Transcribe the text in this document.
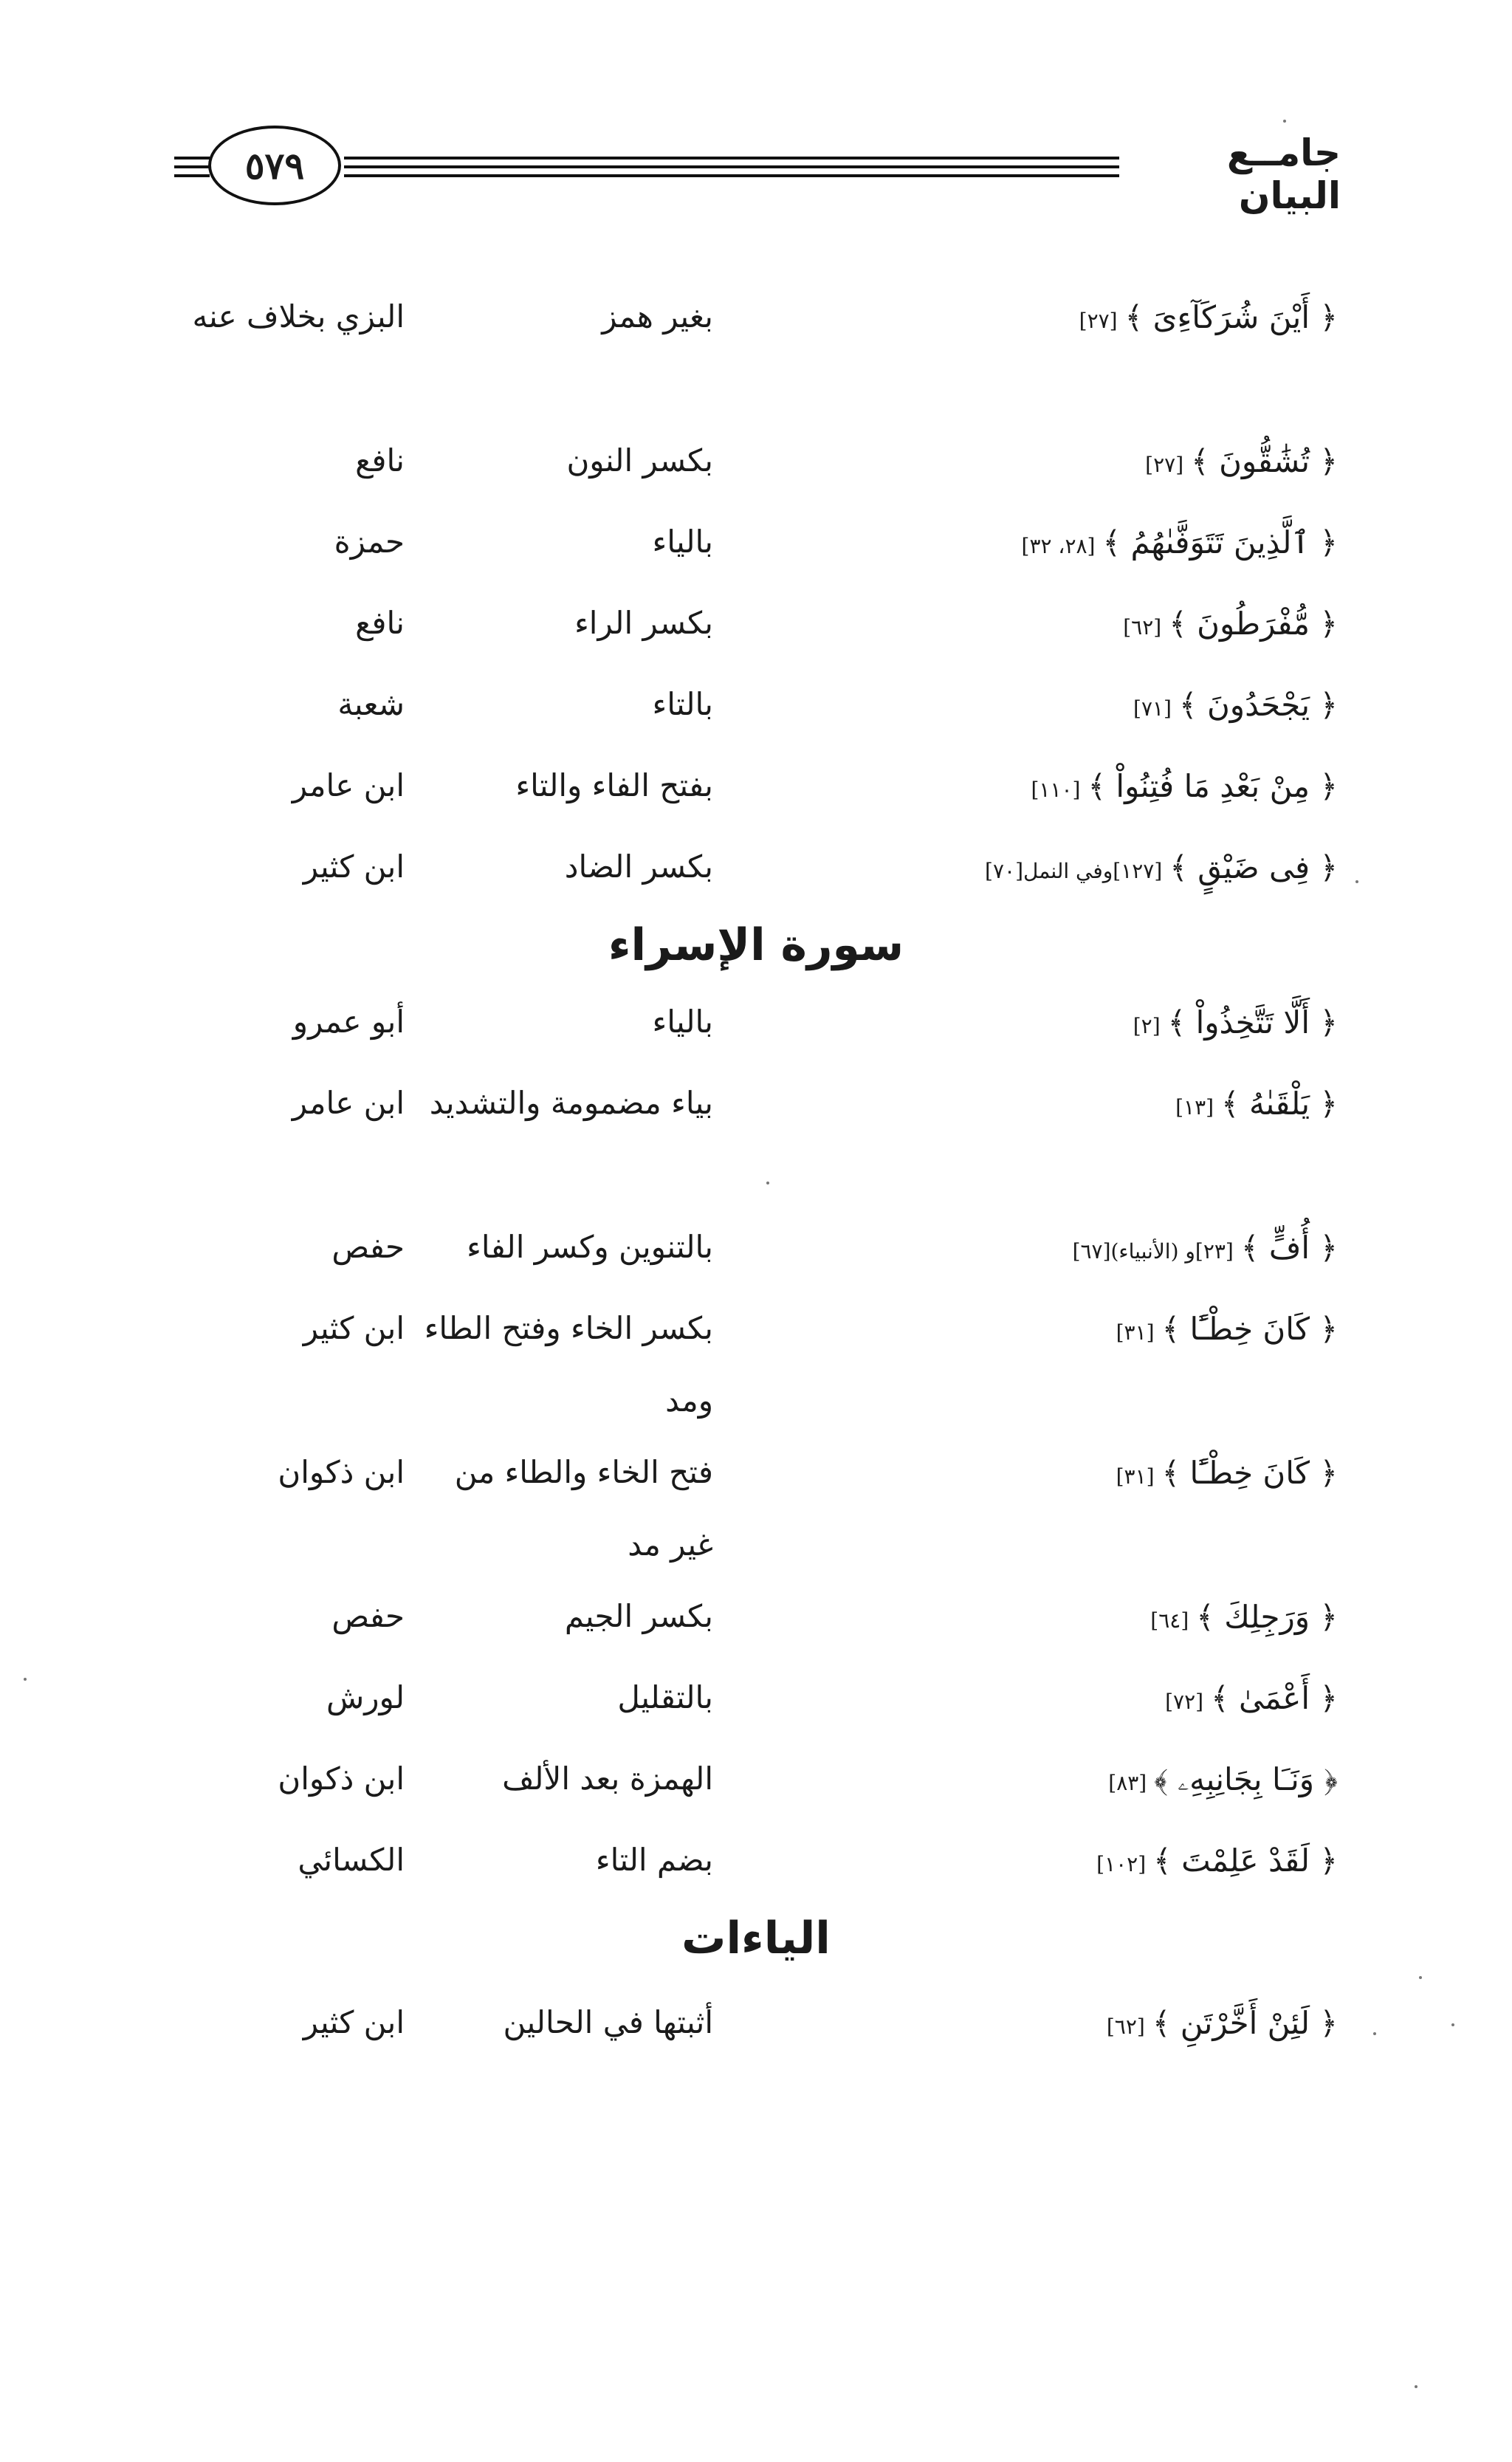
٥٧٩	جامــع البيان
﴿ أَيْنَ شُرَكَآءِىَ ﴾[٢٧]
بغير همز
البزي بخلاف عنه
﴿ تُشَٰقُّونَ ﴾[٢٧]
بكسر النون
نافع
﴿ ٱلَّذِينَ تَتَوَفَّىٰهُمُ ﴾[٢٨، ٣٢]
بالياء
حمزة
﴿ مُّفْرَطُونَ ﴾[٦٢]
بكسر الراء
نافع
﴿ يَجْحَدُونَ ﴾[٧١]
بالتاء
شعبة
﴿ مِنْ بَعْدِ مَا فُتِنُواْ ﴾[١١٠]
بفتح الفاء والتاء
ابن عامر
﴿ فِى ضَيْقٍ ﴾[١٢٧]وفي النمل[٧٠]
بكسر الضاد
ابن كثير
سورة الإسراء
﴿ أَلَّا تَتَّخِذُواْ ﴾[٢]
بالياء
أبو عمرو
﴿ يَلْقَىٰهُ ﴾[١٣]
بياء مضمومة والتشديد
ابن عامر
﴿ أُفٍّ ﴾[٢٣]و (الأنبياء)[٦٧]
بالتنوين وكسر الفاء
حفص
﴿ كَانَ خِطْـًٔا ﴾[٣١]
بكسر الخاء وفتح الطاء ومد
ابن كثير
﴿ كَانَ خِطْـًٔا ﴾[٣١]
فتح الخاء والطاء من غير مد
ابن ذكوان
﴿ وَرَجِلِكَ ﴾[٦٤]
بكسر الجيم
حفص
﴿ أَعْمَىٰ ﴾[٧٢]
بالتقليل
لورش
﴿ وَنَـَا بِجَانِبِهِۦ ﴾[٨٣]
الهمزة بعد الألف
ابن ذكوان
﴿ لَقَدْ عَلِمْتَ ﴾[١٠٢]
بضم التاء
الكسائي
الياءات
﴿ لَئِنْ أَخَّرْتَنِ ﴾[٦٢]
أثبتها في الحالين
ابن كثير
